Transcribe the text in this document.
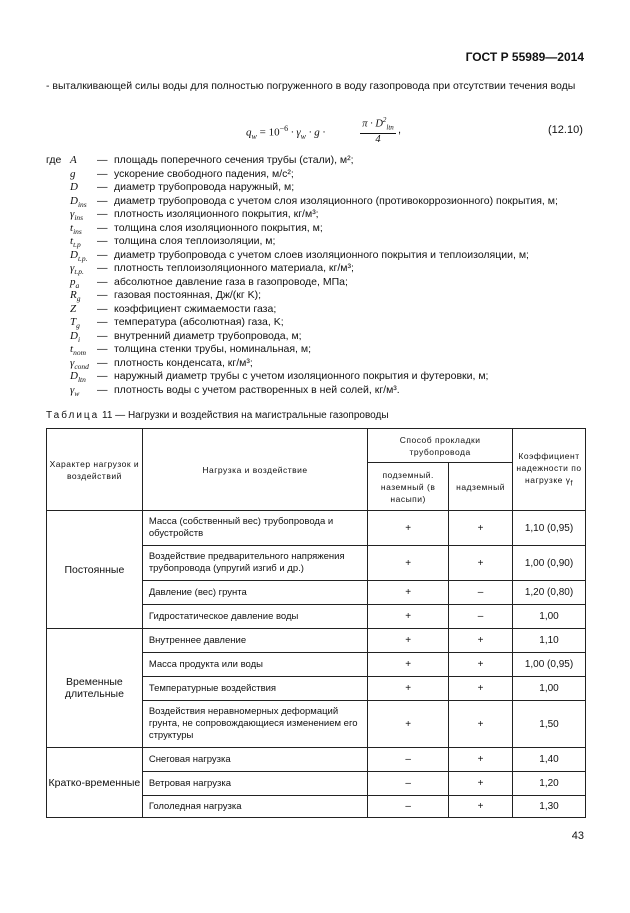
ГОСТ Р 55989—2014
- выталкивающей силы воды для полностью погруженного в воду газопровода при отсутствии течения воды
$q_w = 10^{-6} \cdot \gamma_w \cdot g$ ·
$\pi \cdot D^2_{ltn}$
4
,	(12.10)
где A — площадь поперечного сечения трубы (стали), м²;
g — ускорение свободного падения, м/с²;
D — диаметр трубопровода наружный, м;
$D_{ins}$ — диаметр трубопровода с учетом слоя изоляционного (противокоррозионного) покрытия, м;
$\gamma_{ins}$ — плотность изоляционного покрытия, кг/м³;
$t_{ins}$ — толщина слоя изоляционного покрытия, м;
$t_{t.p}$ — толщина слоя теплоизоляции, м;
$D_{t.p.}$ — диаметр трубопровода с учетом слоев изоляционного покрытия и теплоизоляции, м;
$\gamma_{t.p.}$ — плотность теплоизоляционного материала, кг/м³;
$p_a$ — абсолютное давление газа в газопроводе, МПа;
$R_g$ — газовая постоянная, Дж/(кг K);
Z — коэффициент сжимаемости газа;
$T_g$ — температура (абсолютная) газа, K;
$D_i$ — внутренний диаметр трубопровода, м;
$t_{nom}$ — толщина стенки трубы, номинальная, м;
$\gamma_{cond}$ — плотность конденсата, кг/м³;
$D_{ltn}$ — наружный диаметр трубы с учетом изоляционного покрытия и футеровки, м;
$\gamma_w$ — плотность воды с учетом растворенных в ней солей, кг/м³.
Таблица 11 — Нагрузки и воздействия на магистральные газопроводы
Характер нагрузок и воздействий	Нагрузка и воздействие	Способ прокладки трубопровода		Коэффициент надежности по нагрузке $\gamma_f$
		подземный. наземный (в насыпи)	надземный	
Постоянные	Масса (собственный вес) трубопровода и обустройств	+	+	1,10 (0,95)
	Воздействие предварительного напряжения трубопровода (упругий изгиб и др.)	+	+	1,00 (0,90)
	Давление (вес) грунта	+	–	1,20 (0,80)
	Гидростатическое давление воды	+	–	1,00
Временные длительные	Внутреннее давление	+	+	1,10
	Масса продукта или воды	+	+	1,00 (0,95)
	Температурные воздействия	+	+	1,00
	Воздействия неравномерных деформаций грунта, не сопровождающиеся изменением его структуры	+	+	1,50
Кратко-временные	Снеговая нагрузка	–	+	1,40
	Ветровая нагрузка	–	+	1,20
	Гололедная нагрузка	–	+	1,30
43
